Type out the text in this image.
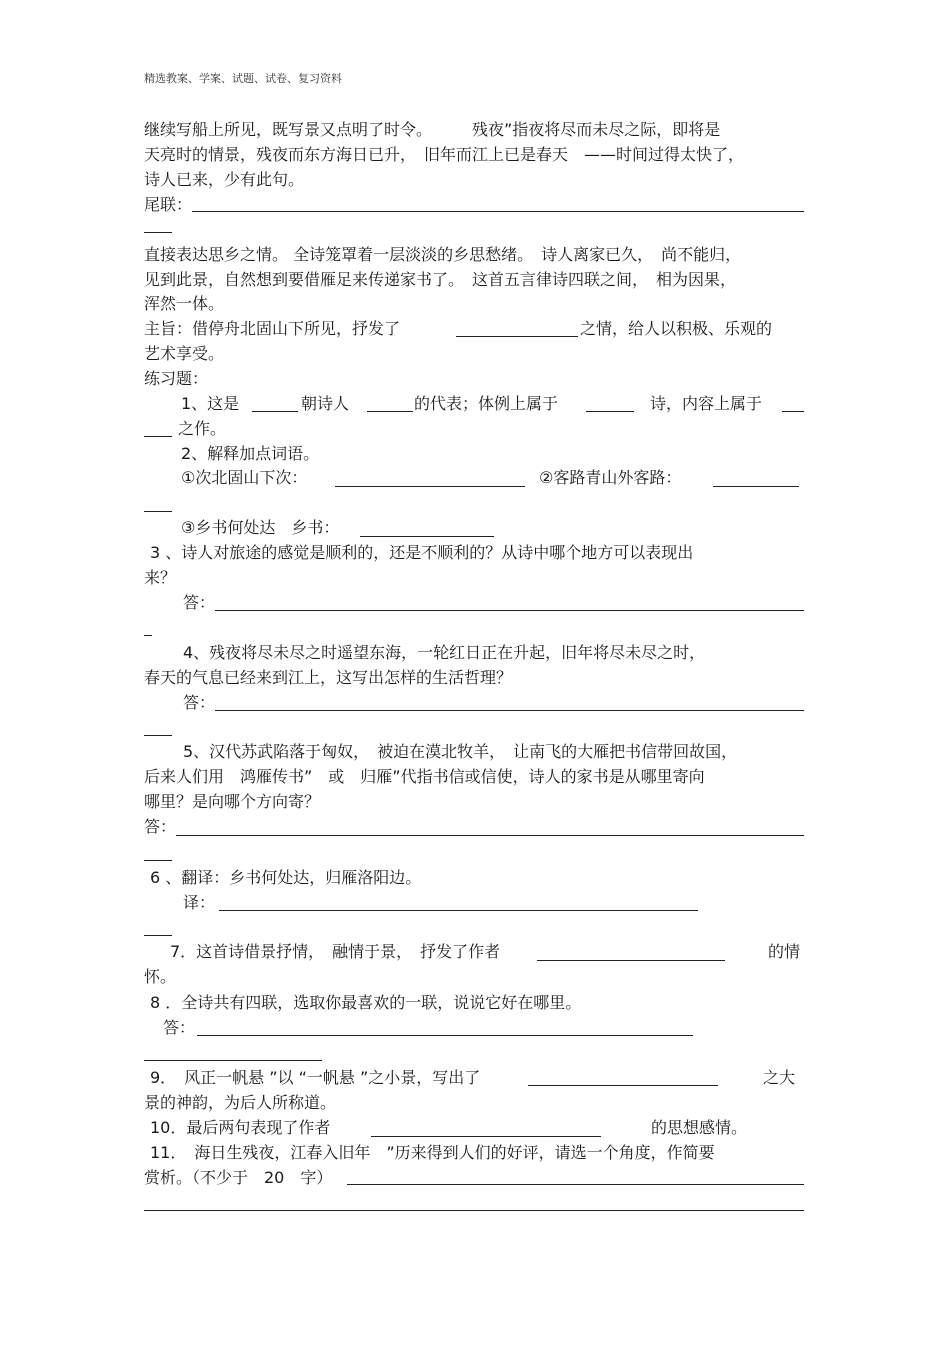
精选教案、学案、试题、试卷、复习资料
继续写船上所见，既写景又点明了时令。　　　残夜”指夜将尽而未尽之际，即将是
天亮时的情景，残夜而东方海日已升，　旧年而江上已是春天　——时间过得太快了，
诗人已来，少有此句。
尾联：
直接表达思乡之情。 全诗笼罩着一层淡淡的乡思愁绪。　诗人离家已久，　尚不能归，
见到此景，自然想到要借雁足来传递家书了。　这首五言律诗四联之间，　相为因果，
浑然一体。
主旨：借停舟北固山下所见，抒发了	之情，给人以积极、乐观的
艺术享受。
练习题：
1、这是	朝诗人	的代表；体例上属于	诗，内容上属于
之作。
2、解释加点词语。
①次北固山下次：	②客路青山外客路：
③乡书何处达　乡书：
3 、诗人对旅途的感觉是顺利的，还是不顺利的？从诗中哪个地方可以表现出
来？
答：
4、残夜将尽未尽之时遥望东海，一轮红日正在升起，旧年将尽未尽之时，
春天的气息已经来到江上，这写出怎样的生活哲理？
答：
5、汉代苏武陷落于匈奴，　被迫在漠北牧羊，　让南飞的大雁把书信带回故国，
后来人们用　鸿雁传书”　或　归雁”代指书信或信使，诗人的家书是从哪里寄向
哪里？是向哪个方向寄？
答：
6 、翻译：乡书何处达，归雁洛阳边。
译：
7．这首诗借景抒情，　融情于景，　抒发了作者	的情
怀。
8 ．全诗共有四联，选取你最喜欢的一联，说说它好在哪里。
答：
9．　风正一帆悬 ”以 “一帆悬 ”之小景，写出了	之大
景的神韵，为后人所称道。
10．最后两句表现了作者	的思想感情。
11．　海日生残夜，江春入旧年　”历来得到人们的好评，请选一个角度，作简要
赏析。（不少于　20　字）
